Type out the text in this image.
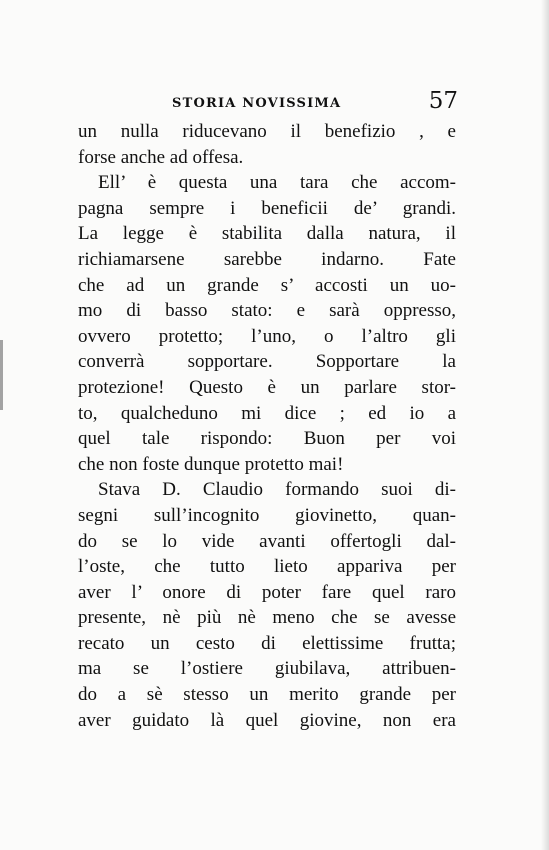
STORIA NOVISSIMA	57
un nulla riducevano il benefizio , e
forse anche ad offesa.
Ell’ è questa una tara che accom-
pagna sempre i beneficii de’ grandi.
La legge è stabilita dalla natura, il
richiamarsene sarebbe indarno. Fate
che ad un grande s’ accosti un uo-
mo di basso stato: e sarà oppresso,
ovvero protetto; l’uno, o l’altro gli
converrà sopportare. Sopportare la
protezione! Questo è un parlare stor-
to, qualcheduno mi dice ; ed io a
quel tale rispondo: Buon per voi
che non foste dunque protetto mai!
Stava D. Claudio formando suoi di-
segni sull’incognito giovinetto, quan-
do se lo vide avanti offertogli dal-
l’oste, che tutto lieto appariva per
aver l’ onore di poter fare quel raro
presente, nè più nè meno che se avesse
recato un cesto di elettissime frutta;
ma se l’ostiere giubilava, attribuen-
do a sè stesso un merito grande per
aver guidato là quel giovine, non era
